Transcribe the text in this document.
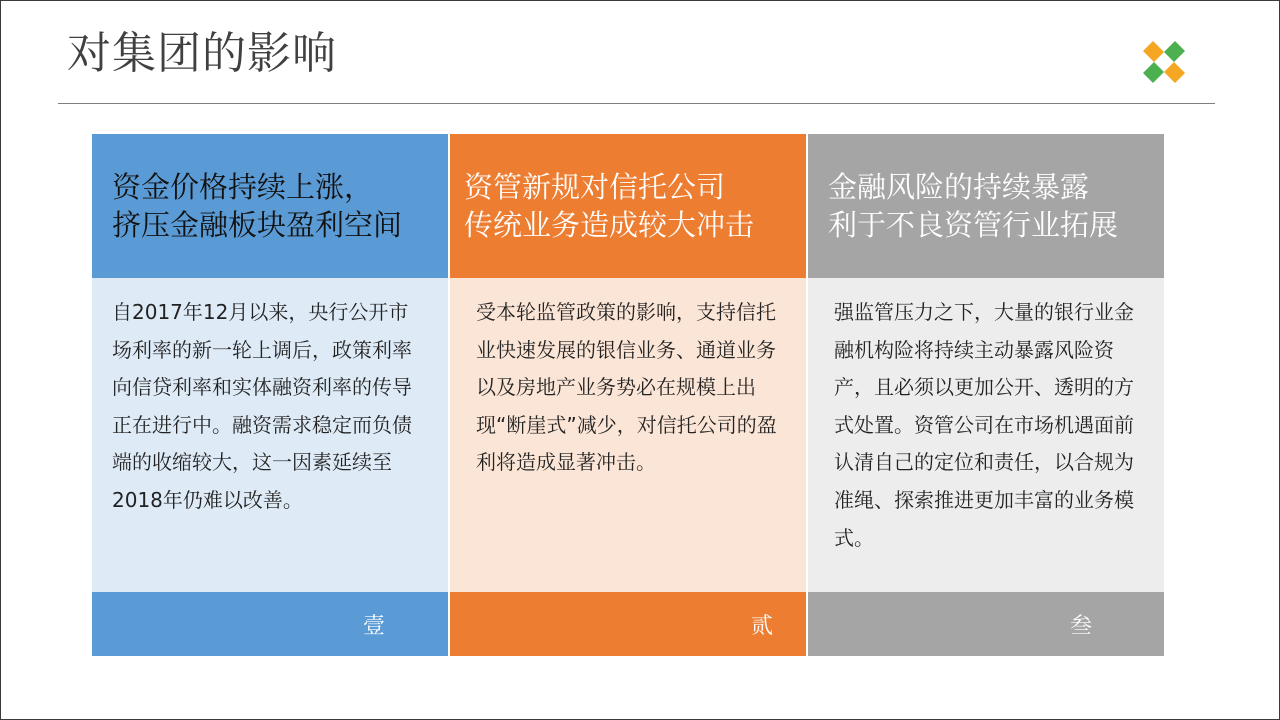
对集团的影响
资金价格持续上涨，
挤压金融板块盈利空间
自2017年12月以来，央行公开市场利率的新一轮上调后，政策利率向信贷利率和实体融资利率的传导正在进行中。融资需求稳定而负债端的收缩较大，这一因素延续至2018年仍难以改善。
壹
资管新规对信托公司
传统业务造成较大冲击
受本轮监管政策的影响，支持信托业快速发展的银信业务、通道业务以及房地产业务势必在规模上出现“断崖式”减少，对信托公司的盈利将造成显著冲击。
贰
金融风险的持续暴露
利于不良资管行业拓展
强监管压力之下，大量的银行业金融机构险将持续主动暴露风险资产，且必须以更加公开、透明的方式处置。资管公司在市场机遇面前认清自己的定位和责任，以合规为准绳、探索推进更加丰富的业务模式。
叁
